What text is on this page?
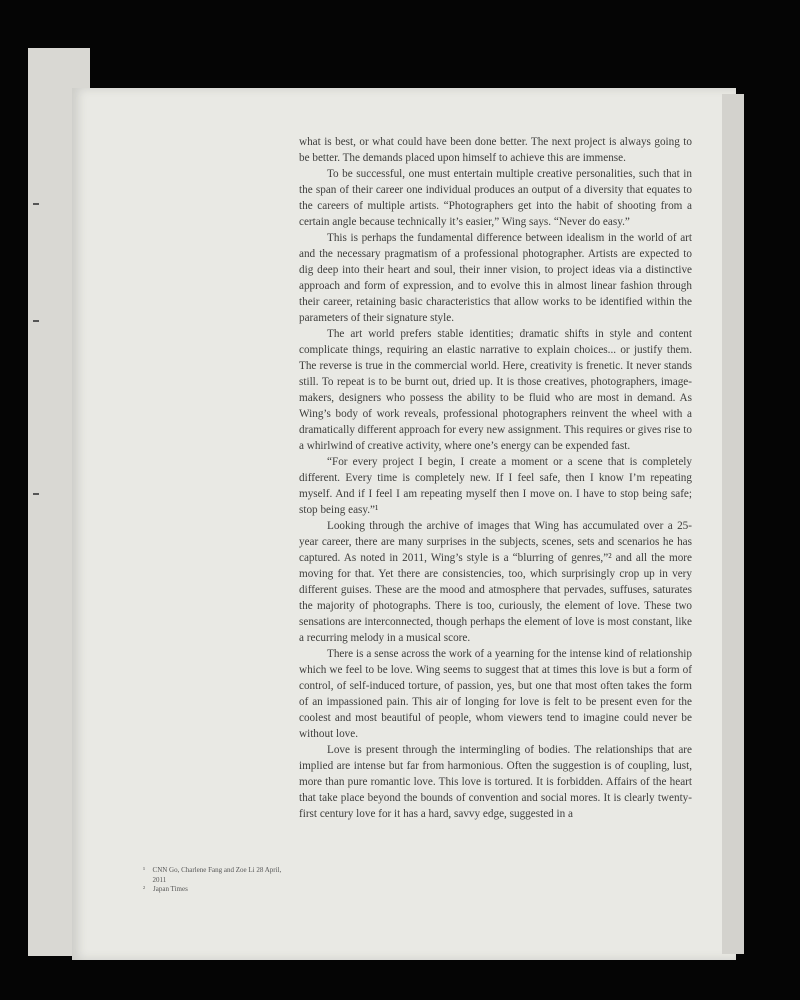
what is best, or what could have been done better. The next project is always going to be better. The demands placed upon himself to achieve this are immense.

To be successful, one must entertain multiple creative personalities, such that in the span of their career one individual produces an output of a diversity that equates to the careers of multiple artists. “Photographers get into the habit of shooting from a certain angle because technically it’s easier,” Wing says. “Never do easy.”

This is perhaps the fundamental difference between idealism in the world of art and the necessary pragmatism of a professional photographer. Artists are expected to dig deep into their heart and soul, their inner vision, to project ideas via a distinctive approach and form of expression, and to evolve this in almost linear fashion through their career, retaining basic characteristics that allow works to be identified within the parameters of their signature style.

The art world prefers stable identities; dramatic shifts in style and content complicate things, requiring an elastic narrative to explain choices... or justify them. The reverse is true in the commercial world. Here, creativity is frenetic. It never stands still. To repeat is to be burnt out, dried up. It is those creatives, photographers, image-makers, designers who possess the ability to be fluid who are most in demand. As Wing’s body of work reveals, professional photographers reinvent the wheel with a dramatically different approach for every new assignment. This requires or gives rise to a whirlwind of creative activity, where one’s energy can be expended fast.

“For every project I begin, I create a moment or a scene that is completely different. Every time is completely new. If I feel safe, then I know I’m repeating myself. And if I feel I am repeating myself then I move on. I have to stop being safe; stop being easy.”¹

Looking through the archive of images that Wing has accumulated over a 25-year career, there are many surprises in the subjects, scenes, sets and scenarios he has captured. As noted in 2011, Wing’s style is a “blurring of genres,”² and all the more moving for that. Yet there are consistencies, too, which surprisingly crop up in very different guises. These are the mood and atmosphere that pervades, suffuses, saturates the majority of photographs. There is too, curiously, the element of love. These two sensations are interconnected, though perhaps the element of love is most constant, like a recurring melody in a musical score.

There is a sense across the work of a yearning for the intense kind of relationship which we feel to be love. Wing seems to suggest that at times this love is but a form of control, of self-induced torture, of passion, yes, but one that most often takes the form of an impassioned pain. This air of longing for love is felt to be present even for the coolest and most beautiful of people, whom viewers tend to imagine could never be without love.

Love is present through the intermingling of bodies. The relationships that are implied are intense but far from harmonious. Often the suggestion is of coupling, lust, more than pure romantic love. This love is tortured. It is forbidden. Affairs of the heart that take place beyond the bounds of convention and social mores. It is clearly twenty-first century love for it has a hard, savvy edge, suggested in a

¹	CNN Go, Charlene Fang and Zoe Li 28 April, 2011
²	Japan Times
